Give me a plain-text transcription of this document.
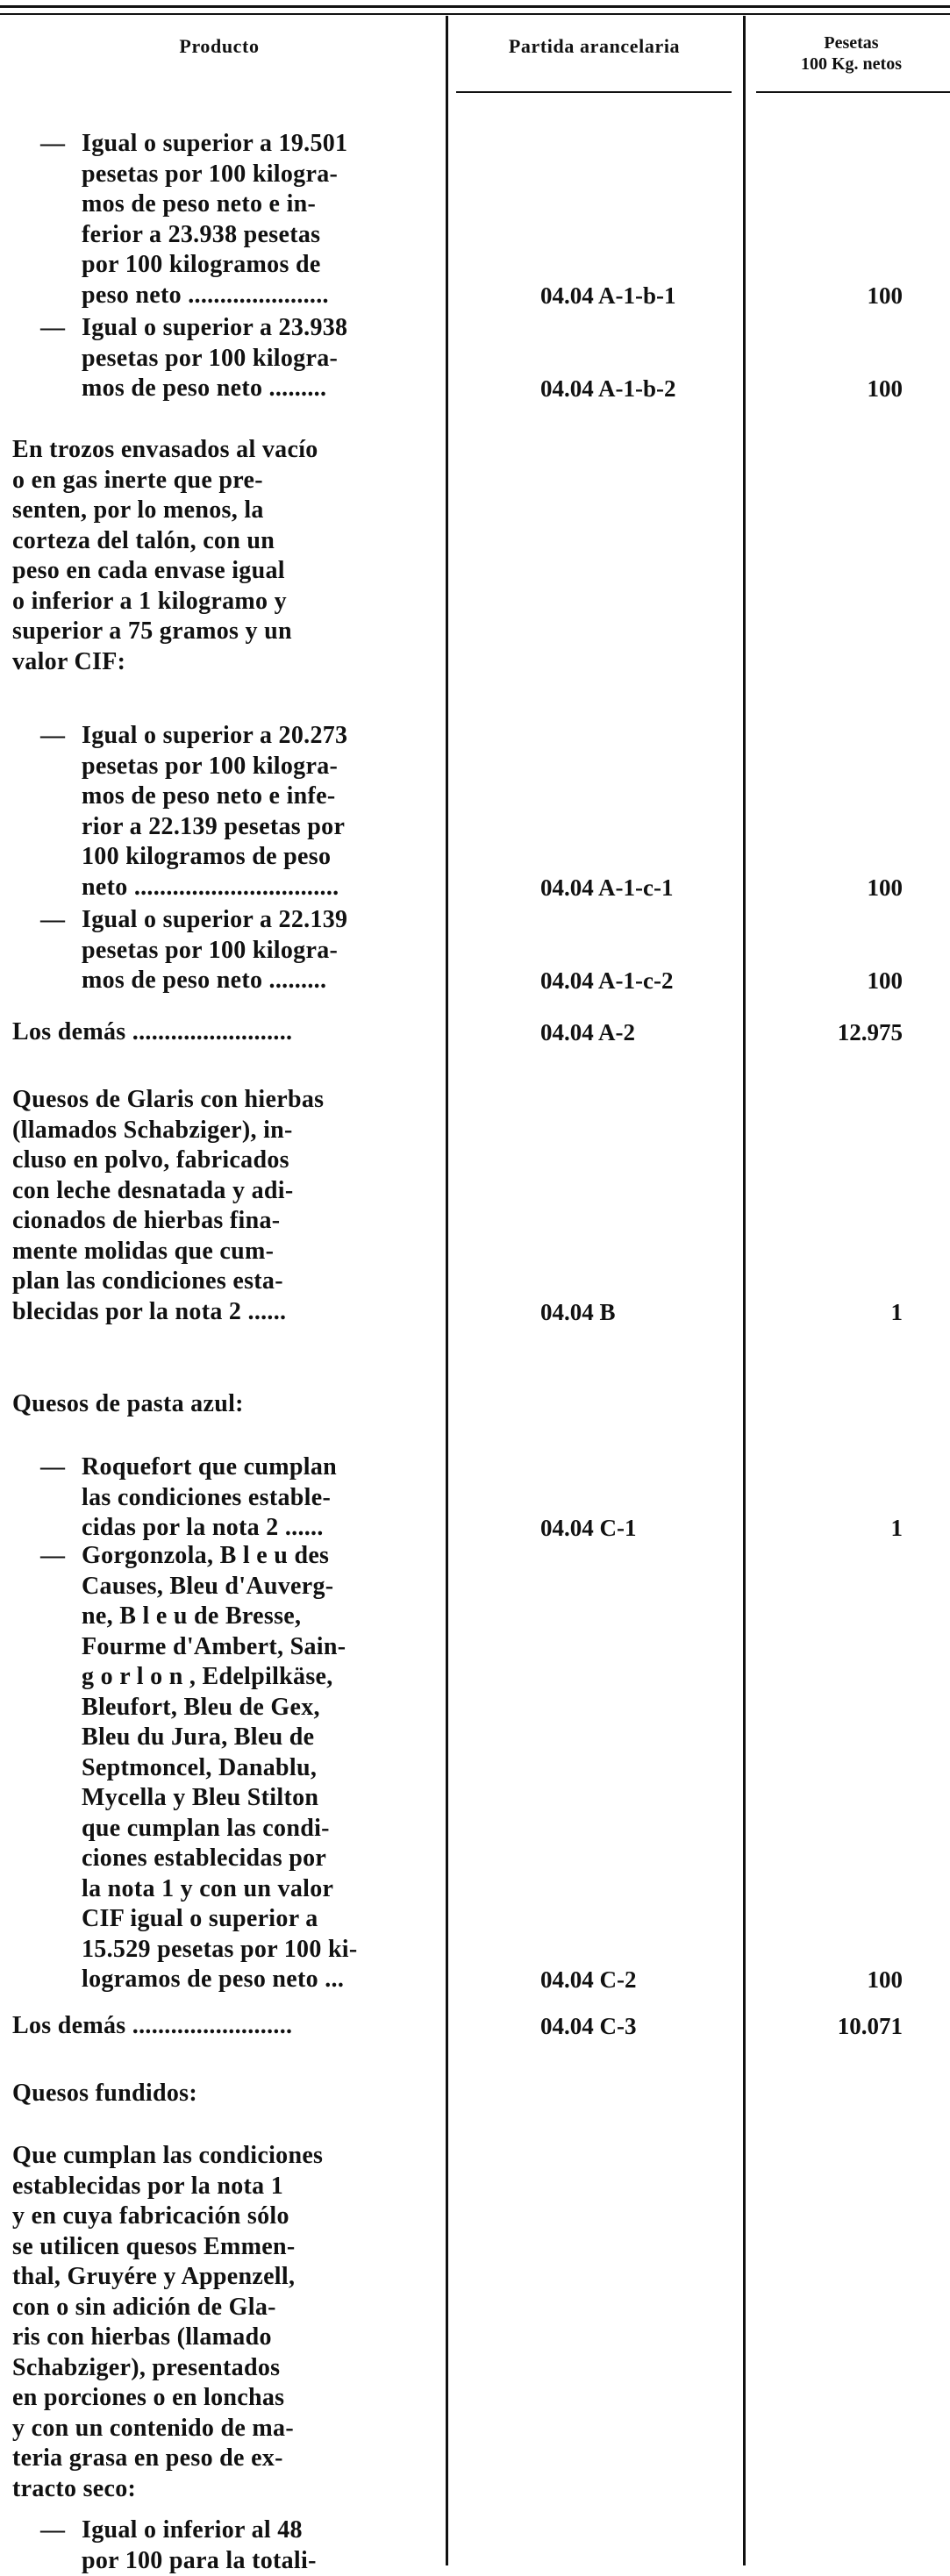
Producto	Partida arancelaria	Pesetas
100 Kg. netos
— Igual o superior a 19.501
pesetas por 100 kilogra-
mos de peso neto e in-
ferior a 23.938 pesetas
por 100 kilogramos de
peso neto ......................	04.04 A-1-b-1	100
— Igual o superior a 23.938
pesetas por 100 kilogra-
mos de peso neto .........	04.04 A-1-b-2	100
En trozos envasados al vacío
o en gas inerte que pre-
senten, por lo menos, la
corteza del talón, con un
peso en cada envase igual
o inferior a 1 kilogramo y
superior a 75 gramos y un
valor CIF:
— Igual o superior a 20.273
pesetas por 100 kilogra-
mos de peso neto e infe-
rior a 22.139 pesetas por
100 kilogramos de peso
neto ................................	04.04 A-1-c-1	100
— Igual o superior a 22.139
pesetas por 100 kilogra-
mos de peso neto .........	04.04 A-1-c-2	100
Los demás .........................	04.04 A-2	12.975
Quesos de Glaris con hierbas
(llamados Schabziger), in-
cluso en polvo, fabricados
con leche desnatada y adi-
cionados de hierbas fina-
mente molidas que cum-
plan las condiciones esta-
blecidas por la nota 2 ......	04.04 B	1
Quesos de pasta azul:
— Roquefort que cumplan
las condiciones estable-
cidas por la nota 2 ......	04.04 C-1	1
— Gorgonzola, B l e u des
Causes, Bleu d'Auverg-
ne, B l e u de Bresse,
Fourme d'Ambert, Sain-
g o r l o n , Edelpilkäse,
Bleufort, Bleu de Gex,
Bleu du Jura, Bleu de
Septmoncel, Danablu,
Mycella y Bleu Stilton
que cumplan las condi-
ciones establecidas por
la nota 1 y con un valor
CIF igual o superior a
15.529 pesetas por 100 ki-
logramos de peso neto ...	04.04 C-2	100
Los demás .........................	04.04 C-3	10.071
Quesos fundidos:
Que cumplan las condiciones
establecidas por la nota 1
y en cuya fabricación sólo
se utilicen quesos Emmen-
thal, Gruyére y Appenzell,
con o sin adición de Gla-
ris con hierbas (llamado
Schabziger), presentados
en porciones o en lonchas
y con un contenido de ma-
teria grasa en peso de ex-
tracto seco:
— Igual o inferior al 48
por 100 para la totali-
